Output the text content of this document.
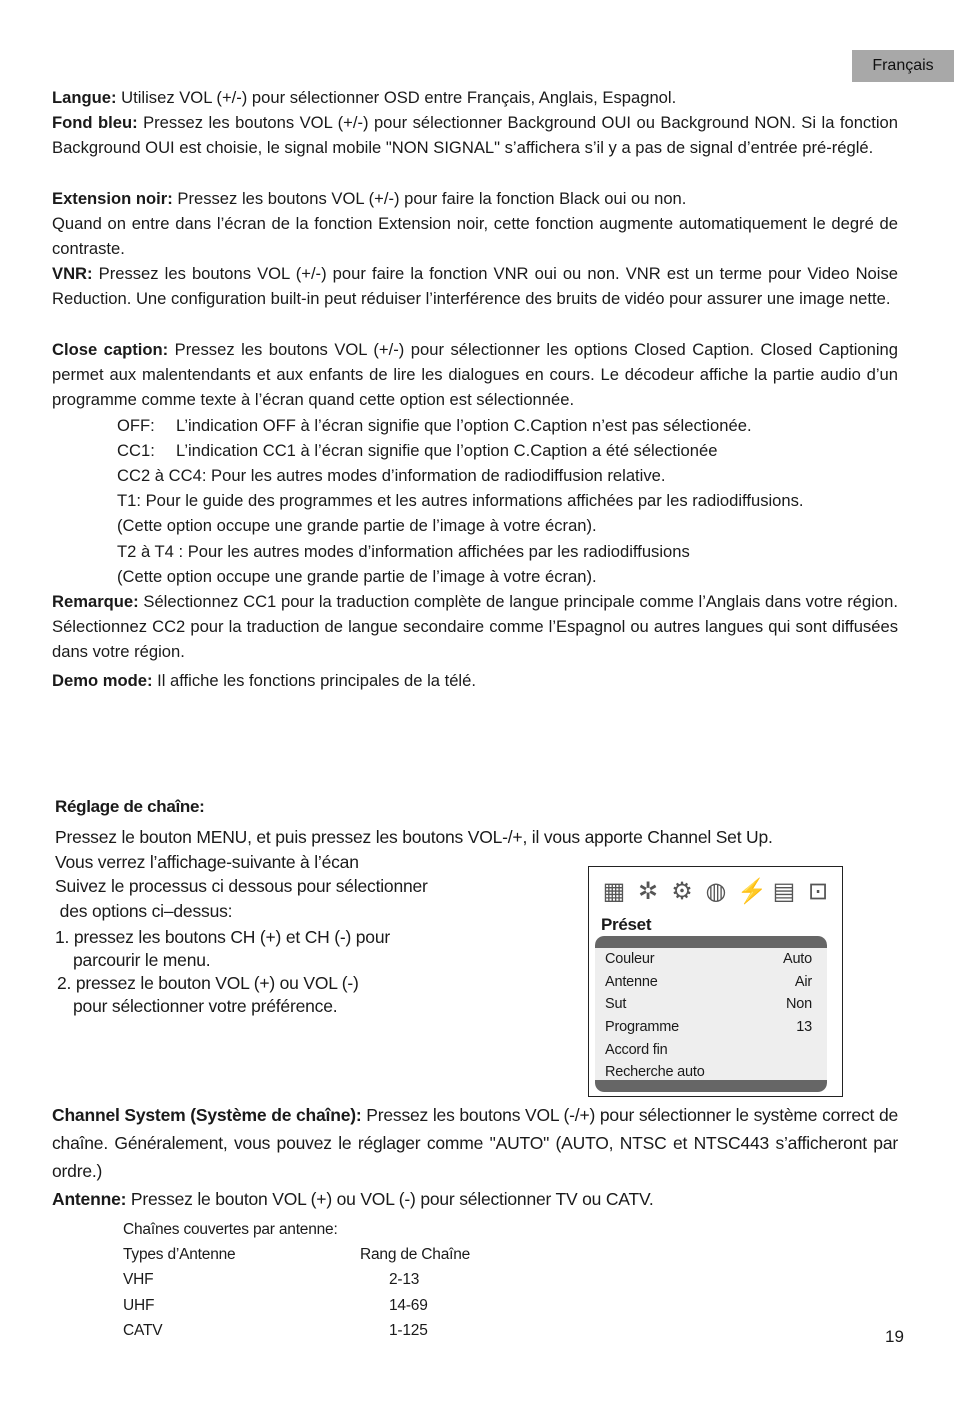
Français

Langue: Utilisez VOL (+/-) pour sélectionner OSD entre Français, Anglais, Espagnol.

Fond bleu: Pressez les boutons VOL (+/-) pour sélectionner Background OUI ou Background NON. Si la fonction Background OUI est choisie, le signal mobile "NON SIGNAL" s’affichera s’il y a pas de signal d’entrée pré-réglé.

Extension noir: Pressez les boutons VOL (+/-) pour faire la fonction Black oui ou non.

Quand on entre dans l’écran de la fonction Extension noir, cette fonction augmente automatiquement le degré de contraste.

VNR: Pressez les boutons VOL (+/-) pour faire la fonction VNR oui ou non. VNR est un terme pour Video Noise Reduction. Une configuration built-in peut réduiser l’interférence des bruits de vidéo pour assurer une image nette.

Close caption: Pressez les boutons VOL (+/-) pour sélectionner les options Closed Caption. Closed Captioning permet aux malentendants et aux enfants de lire les dialogues en cours. Le décodeur affiche la partie audio d’un programme comme texte à l’écran quand cette option est sélectionnée.

OFF: L’indication OFF à l’écran signifie que l’option C.Caption n’est pas sélectionée.

CC1: L’indication CC1 à l’écran signifie que l’option C.Caption a été sélectionée

CC2 à CC4: Pour les autres modes d’information de radiodiffusion relative.

T1: Pour le guide des programmes et les autres informations affichées par les radiodiffusions.

(Cette option occupe une grande partie de l’image à votre écran).

T2 à T4 : Pour les autres modes d’information affichées par les radiodiffusions

(Cette option occupe une grande partie de l’image à votre écran).

Remarque: Sélectionnez CC1 pour la traduction complète de langue principale comme l’Anglais dans votre région. Sélectionnez CC2 pour la traduction de langue secondaire comme l’Espagnol ou autres langues qui sont diffusées dans votre région.

Demo mode: Il affiche les fonctions principales de la télé.

Réglage de chaîne:

Pressez le bouton MENU, et puis pressez les boutons VOL-/+, il vous apporte Channel Set Up.

Vous verrez l’affichage-suivante à l’écan

Suivez le processus ci dessous pour sélectionner

des options ci–dessus:

1. pressez les boutons CH (+) et CH (-) pour
parcourir le menu.
2. pressez le bouton VOL (+) ou VOL (-)
pour sélectionner votre préférence.
▦ ✲ ⚙ ◍ ⚡ ▤ ⊡
Préset
Couleur	Auto
Antenne	Air
Sut	Non
Programme	13
Accord fin
Recherche auto

Channel System (Système de chaîne): Pressez les boutons VOL (-/+) pour sélectionner le système correct de chaîne. Généralement, vous pouvez le réglager comme "AUTO" (AUTO, NTSC et NTSC443 s’afficheront par ordre.)

Antenne: Pressez le bouton VOL (+) ou VOL (-) pour sélectionner TV ou CATV.

Chaînes couvertes par antenne:
Types d’Antenne	Rang de Chaîne
VHF	2-13
UHF	14-69
CATV	1-125	19
